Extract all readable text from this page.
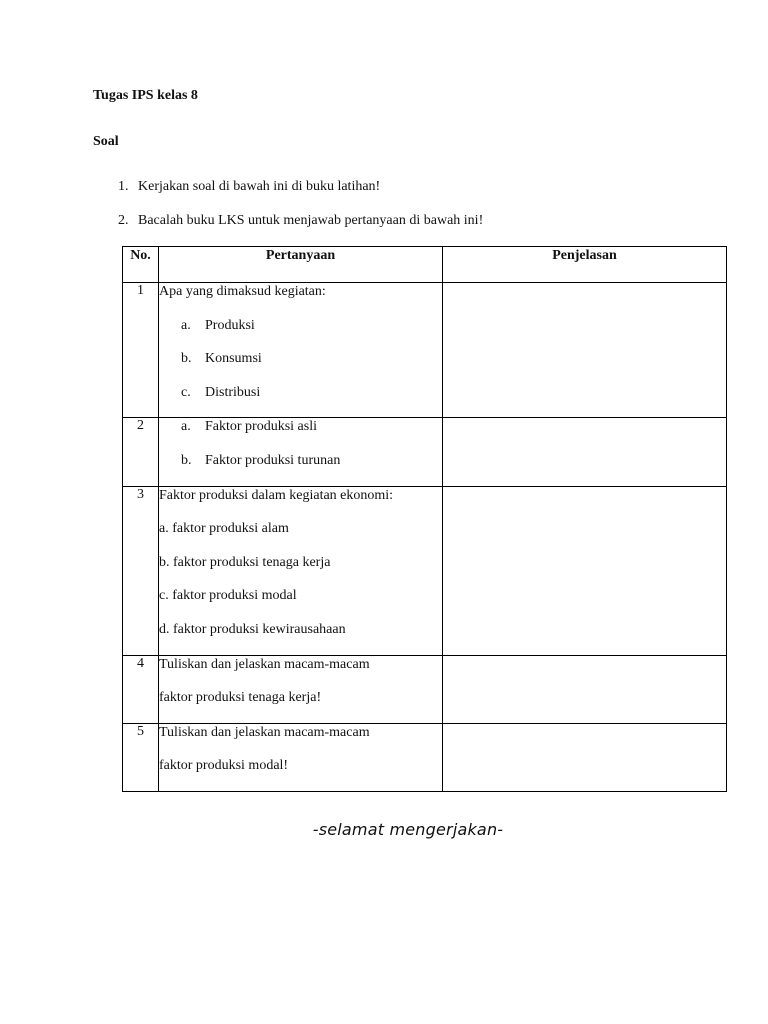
Tugas IPS kelas 8
Soal
1. Kerjakan soal di bawah ini di buku latihan!
2. Bacalah buku LKS untuk menjawab pertanyaan di bawah ini!
No.	Pertanyaan	Penjelasan
1	Apa yang dimaksud kegiatan:
a. Produksi
b. Konsumsi
c. Distribusi	

2	a. Faktor produksi asli
b. Faktor produksi turunan	

3	Faktor produksi dalam kegiatan ekonomi:
a. faktor produksi alam
b. faktor produksi tenaga kerja
c. faktor produksi modal
d. faktor produksi kewirausahaan	

4	Tuliskan dan jelaskan macam-macam
faktor produksi tenaga kerja!	

5	Tuliskan dan jelaskan macam-macam
faktor produksi modal!	

-selamat mengerjakan-
